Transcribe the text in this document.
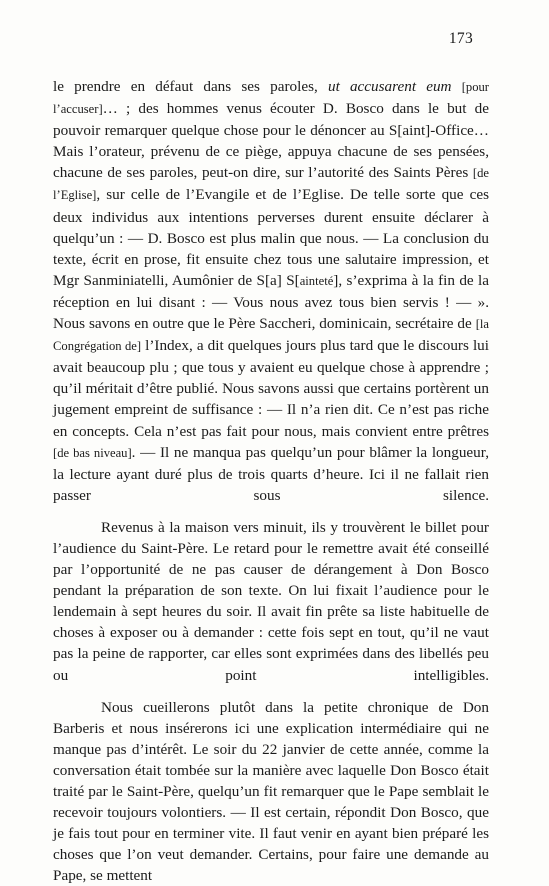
173

le prendre en défaut dans ses paroles, ut accusarent eum [pour l’accuser]… ; des hommes venus écouter D. Bosco dans le but de pouvoir remarquer quelque chose pour le dénoncer au S[aint]-Office… Mais l’orateur, prévenu de ce piège, appuya chacune de ses pensées, chacune de ses paroles, peut-on dire, sur l’autorité des Saints Pères [de l’Eglise], sur celle de l’Evangile et de l’Eglise. De telle sorte que ces deux individus aux intentions perverses durent ensuite déclarer à quelqu’un : — D. Bosco est plus malin que nous. — La conclusion du texte, écrit en prose, fit ensuite chez tous une salutaire impression, et Mgr Sanminiatelli, Aumônier de S[a] S[ainteté], s’exprima à la fin de la réception en lui disant : — Vous nous avez tous bien servis ! — ». Nous savons en outre que le Père Saccheri, dominicain, secrétaire de [la Congrégation de] l’Index, a dit quelques jours plus tard que le discours lui avait beaucoup plu ; que tous y avaient eu quelque chose à apprendre ; qu’il méritait d’être publié. Nous savons aussi que certains portèrent un jugement empreint de suffisance : — Il n’a rien dit. Ce n’est pas riche en concepts. Cela n’est pas fait pour nous, mais convient entre prêtres [de bas niveau]. — Il ne manqua pas quelqu’un pour blâmer la longueur, la lecture ayant duré plus de trois quarts d’heure. Ici il ne fallait rien passer sous silence.

Revenus à la maison vers minuit, ils y trouvèrent le billet pour l’audience du Saint-Père. Le retard pour le remettre avait été conseillé par l’opportunité de ne pas causer de dérangement à Don Bosco pendant la préparation de son texte. On lui fixait l’audience pour le lendemain à sept heures du soir. Il avait fin prête sa liste habituelle de choses à exposer ou à demander : cette fois sept en tout, qu’il ne vaut pas la peine de rapporter, car elles sont exprimées dans des libellés peu ou point intelligibles.

Nous cueillerons plutôt dans la petite chronique de Don Barberis et nous insérerons ici une explication intermédiaire qui ne manque pas d’intérêt. Le soir du 22 janvier de cette année, comme la conversation était tombée sur la manière avec laquelle Don Bosco était traité par le Saint-Père, quelqu’un fit remarquer que le Pape semblait le recevoir toujours volontiers. — Il est certain, répondit Don Bosco, que je fais tout pour en terminer vite. Il faut venir en ayant bien préparé les choses que l’on veut demander. Certains, pour faire une demande au Pape, se mettent
